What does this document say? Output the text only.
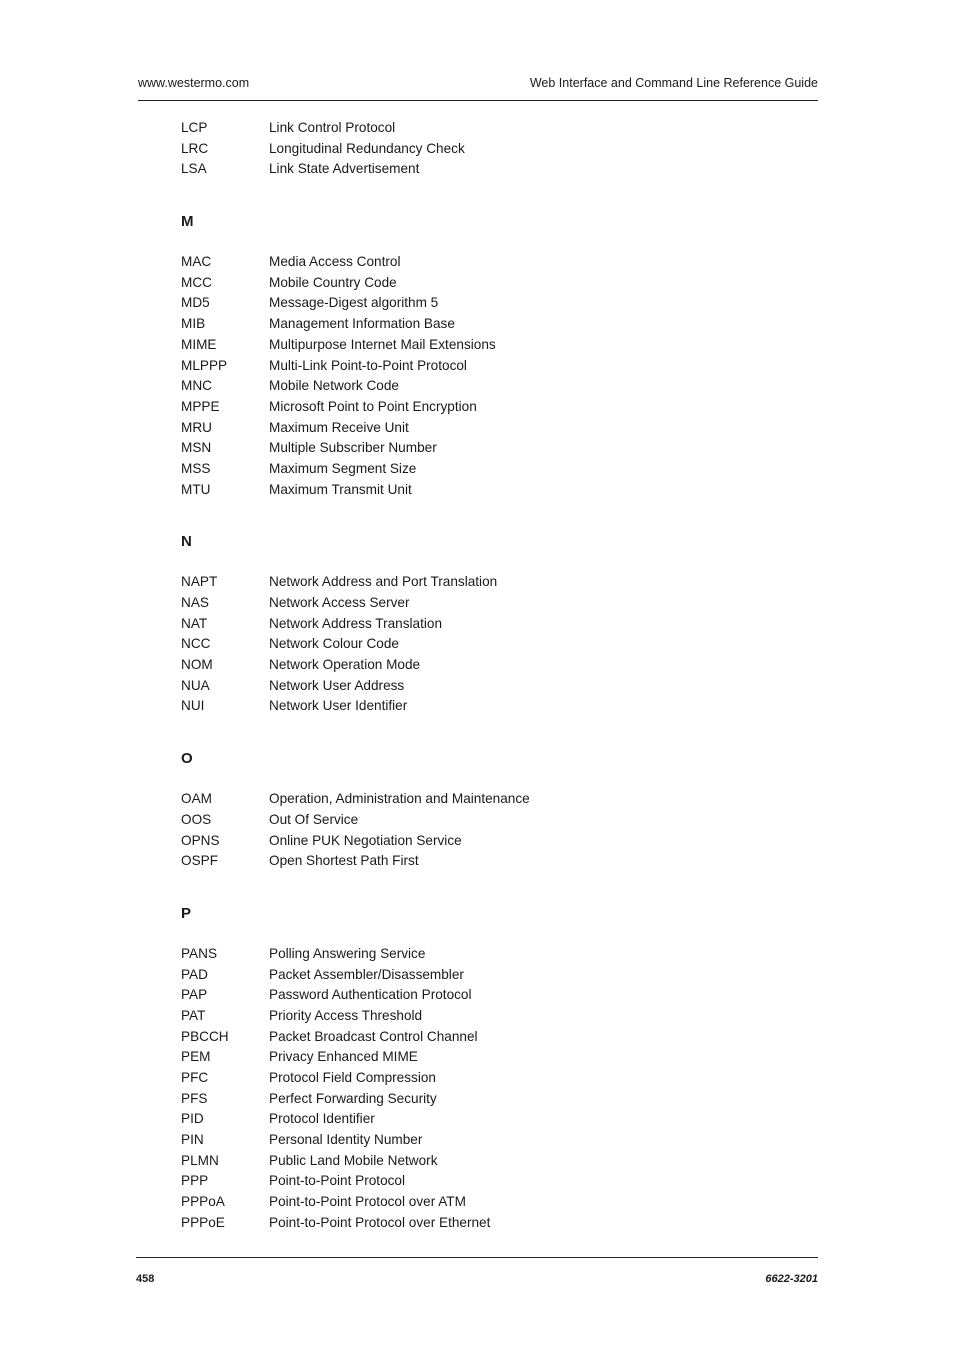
www.westermo.com	Web Interface and Command Line Reference Guide
LCP	Link Control Protocol
LRC	Longitudinal Redundancy Check
LSA	Link State Advertisement
M
MAC	Media Access Control
MCC	Mobile Country Code
MD5	Message-Digest algorithm 5
MIB	Management Information Base
MIME	Multipurpose Internet Mail Extensions
MLPPP	Multi-Link Point-to-Point Protocol
MNC	Mobile Network Code
MPPE	Microsoft Point to Point Encryption
MRU	Maximum Receive Unit
MSN	Multiple Subscriber Number
MSS	Maximum Segment Size
MTU	Maximum Transmit Unit
N
NAPT	Network Address and Port Translation
NAS	Network Access Server
NAT	Network Address Translation
NCC	Network Colour Code
NOM	Network Operation Mode
NUA	Network User Address
NUI	Network User Identifier
O
OAM	Operation, Administration and Maintenance
OOS	Out Of Service
OPNS	Online PUK Negotiation Service
OSPF	Open Shortest Path First
P
PANS	Polling Answering Service
PAD	Packet Assembler/Disassembler
PAP	Password Authentication Protocol
PAT	Priority Access Threshold
PBCCH	Packet Broadcast Control Channel
PEM	Privacy Enhanced MIME
PFC	Protocol Field Compression
PFS	Perfect Forwarding Security
PID	Protocol Identifier
PIN	Personal Identity Number
PLMN	Public Land Mobile Network
PPP	Point-to-Point Protocol
PPPoA	Point-to-Point Protocol over ATM
PPPoE	Point-to-Point Protocol over Ethernet
458	6622-3201
